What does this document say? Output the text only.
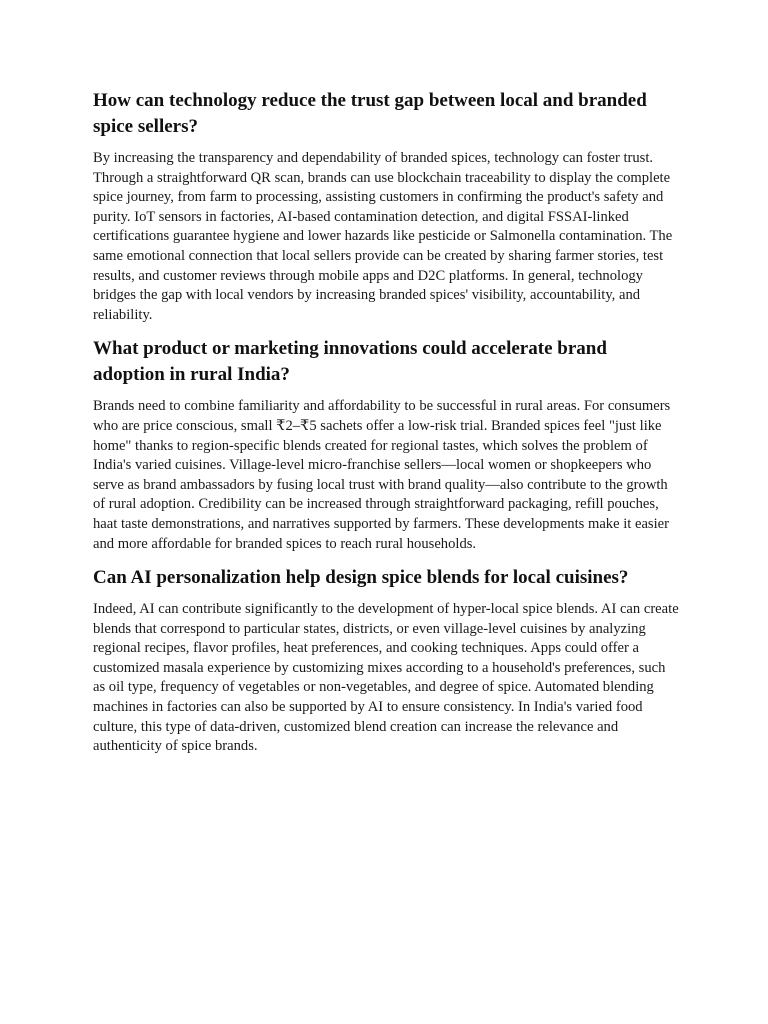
How can technology reduce the trust gap between local and branded spice sellers?

By increasing the transparency and dependability of branded spices, technology can foster trust. Through a straightforward QR scan, brands can use blockchain traceability to display the complete spice journey, from farm to processing, assisting customers in confirming the product's safety and purity. IoT sensors in factories, AI-based contamination detection, and digital FSSAI-linked certifications guarantee hygiene and lower hazards like pesticide or Salmonella contamination. The same emotional connection that local sellers provide can be created by sharing farmer stories, test results, and customer reviews through mobile apps and D2C platforms. In general, technology bridges the gap with local vendors by increasing branded spices' visibility, accountability, and reliability.

What product or marketing innovations could accelerate brand adoption in rural India?

Brands need to combine familiarity and affordability to be successful in rural areas. For consumers who are price conscious, small ₹2–₹5 sachets offer a low-risk trial. Branded spices feel "just like home" thanks to region-specific blends created for regional tastes, which solves the problem of India's varied cuisines. Village-level micro-franchise sellers—local women or shopkeepers who serve as brand ambassadors by fusing local trust with brand quality—also contribute to the growth of rural adoption. Credibility can be increased through straightforward packaging, refill pouches, haat taste demonstrations, and narratives supported by farmers. These developments make it easier and more affordable for branded spices to reach rural households.

Can AI personalization help design spice blends for local cuisines?

Indeed, AI can contribute significantly to the development of hyper-local spice blends. AI can create blends that correspond to particular states, districts, or even village-level cuisines by analyzing regional recipes, flavor profiles, heat preferences, and cooking techniques. Apps could offer a customized masala experience by customizing mixes according to a household's preferences, such as oil type, frequency of vegetables or non-vegetables, and degree of spice. Automated blending machines in factories can also be supported by AI to ensure consistency. In India's varied food culture, this type of data-driven, customized blend creation can increase the relevance and authenticity of spice brands.
